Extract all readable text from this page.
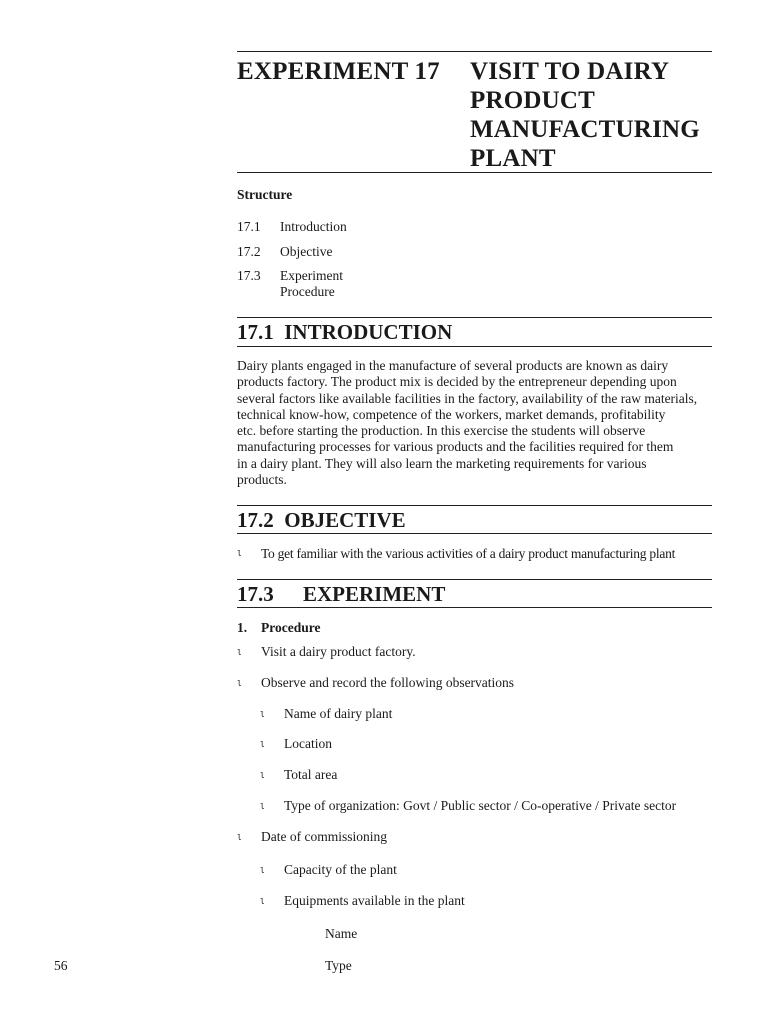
EXPERIMENT 17 VISIT TO DAIRY
PRODUCT
MANUFACTURING
PLANT
Structure
17.1 Introduction
17.2 Objective
17.3 Experiment
Procedure
17.1  INTRODUCTION
Dairy plants engaged in the manufacture of several products are known as dairy
products factory. The product mix is decided by the entrepreneur depending upon
several factors like available facilities in the factory, availability of the raw materials,
technical know-how, competence of the workers, market demands, profitability
etc. before starting the production. In this exercise the students will observe
manufacturing processes for various products and the facilities required for them
in a dairy plant. They will also learn the marketing requirements for various
products.
17.2  OBJECTIVE
l To get familiar with the various activities of a dairy product manufacturing plant
17.3 EXPERIMENT
1. Procedure
l Visit a dairy product factory.
l Observe and record the following observations
l Name of dairy plant
l Location
l Total area
l Type of organization: Govt / Public sector / Co-operative / Private sector
l Date of commissioning
l Capacity of the plant
l Equipments available in the plant
Name
Type
56
